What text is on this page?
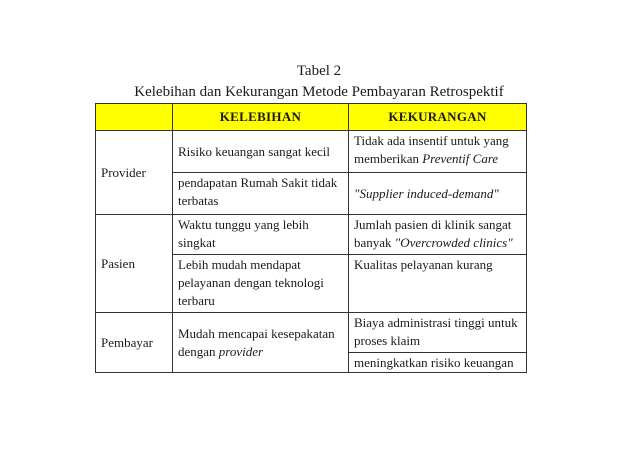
Tabel 2
Kelebihan dan Kekurangan Metode Pembayaran Retrospektif
KELEBIHAN	KEKURANGAN
Provider
Risiko keuangan sangat kecil
pendapatan Rumah Sakit tidak terbatas
Tidak ada insentif untuk yang memberikan Preventif Care
"Supplier induced-demand"
Pasien
Waktu tunggu yang lebih singkat
Lebih mudah mendapat pelayanan dengan teknologi terbaru
Jumlah pasien di klinik sangat banyak "Overcrowded clinics"
Kualitas pelayanan kurang
Pembayar
Mudah mencapai kesepakatan dengan provider
Biaya administrasi tinggi untuk proses klaim
meningkatkan risiko keuangan
